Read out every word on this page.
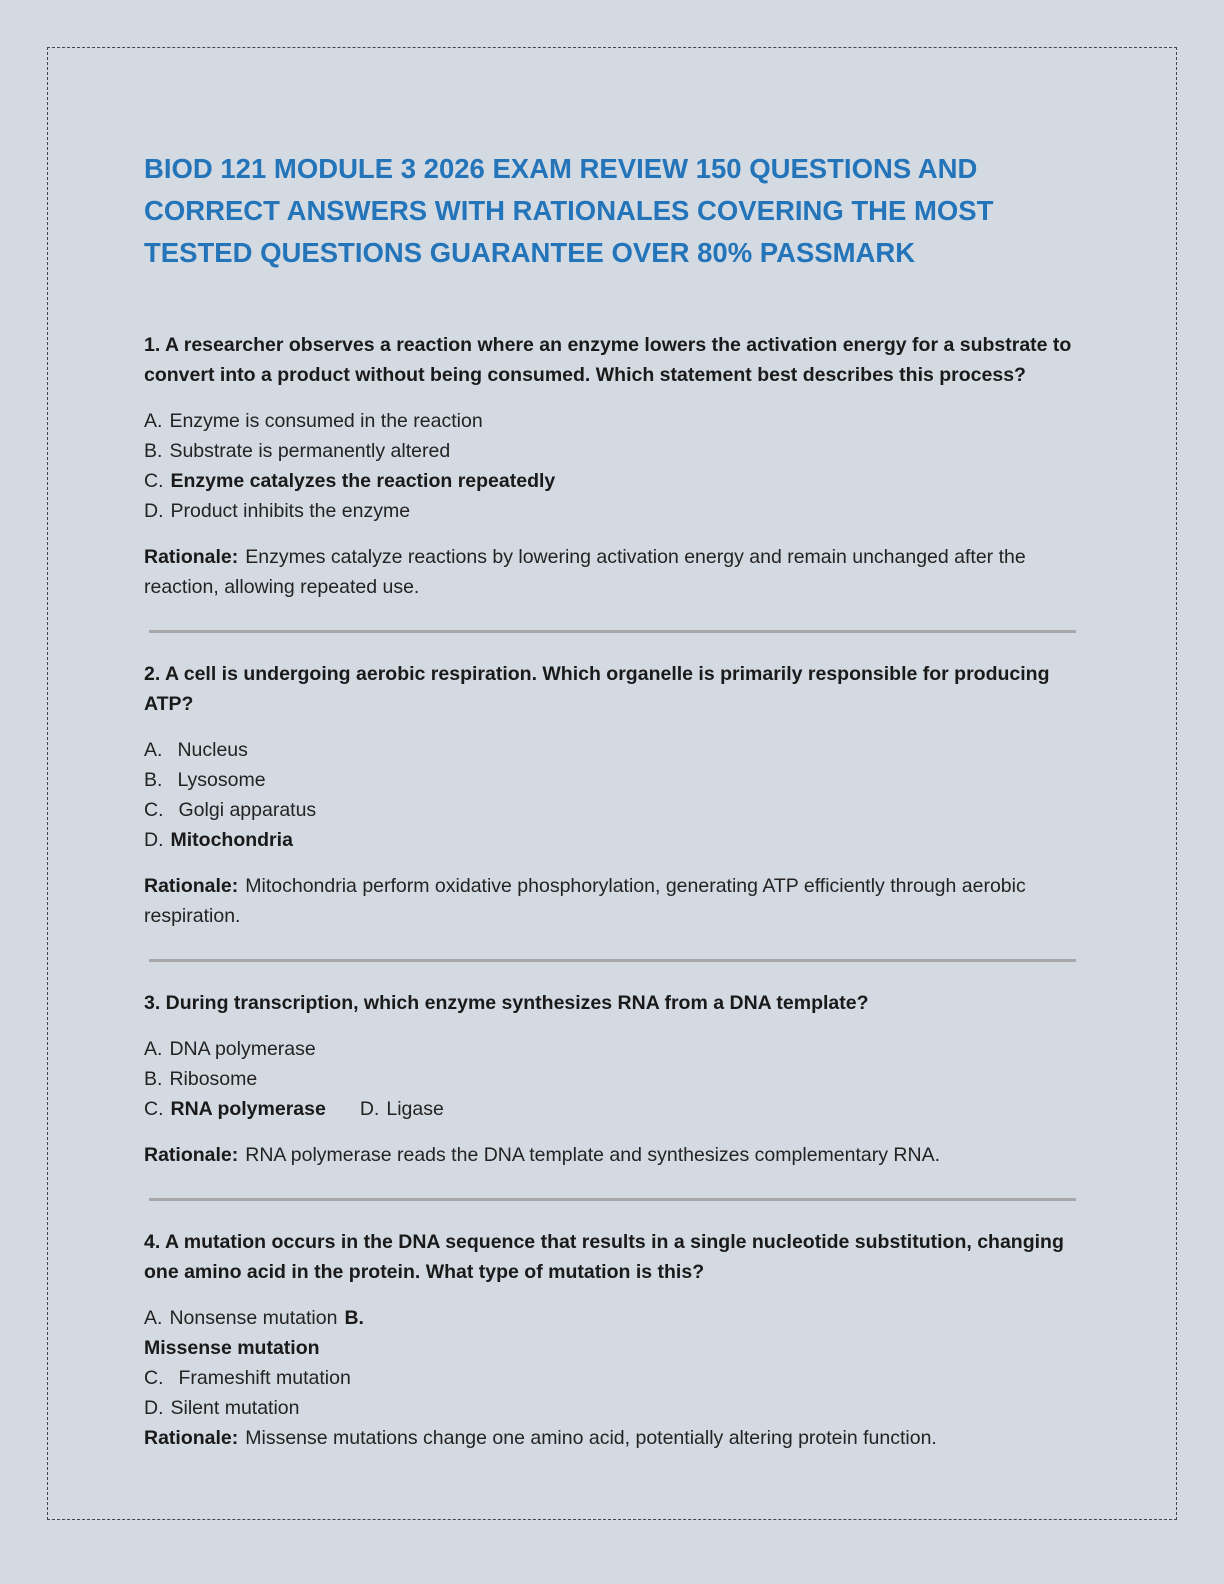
BIOD 121 MODULE 3 2026 EXAM REVIEW 150 QUESTIONS AND CORRECT ANSWERS WITH RATIONALES COVERING THE MOST TESTED QUESTIONS GUARANTEE OVER 80% PASSMARK

1. A researcher observes a reaction where an enzyme lowers the activation energy for a substrate to convert into a product without being consumed. Which statement best describes this process?

A. Enzyme is consumed in the reaction

B. Substrate is permanently altered

C. Enzyme catalyzes the reaction repeatedly

D. Product inhibits the enzyme

Rationale: Enzymes catalyze reactions by lowering activation energy and remain unchanged after the reaction, allowing repeated use.

2. A cell is undergoing aerobic respiration. Which organelle is primarily responsible for producing ATP?

A. Nucleus

B. Lysosome

C. Golgi apparatus

D. Mitochondria

Rationale: Mitochondria perform oxidative phosphorylation, generating ATP efficiently through aerobic respiration.

3. During transcription, which enzyme synthesizes RNA from a DNA template?

A. DNA polymerase

B. Ribosome

C. RNA polymerase D. Ligase

Rationale: RNA polymerase reads the DNA template and synthesizes complementary RNA.

4. A mutation occurs in the DNA sequence that results in a single nucleotide substitution, changing one amino acid in the protein. What type of mutation is this?

A. Nonsense mutation B.

Missense mutation

C. Frameshift mutation

D. Silent mutation

Rationale: Missense mutations change one amino acid, potentially altering protein function.
